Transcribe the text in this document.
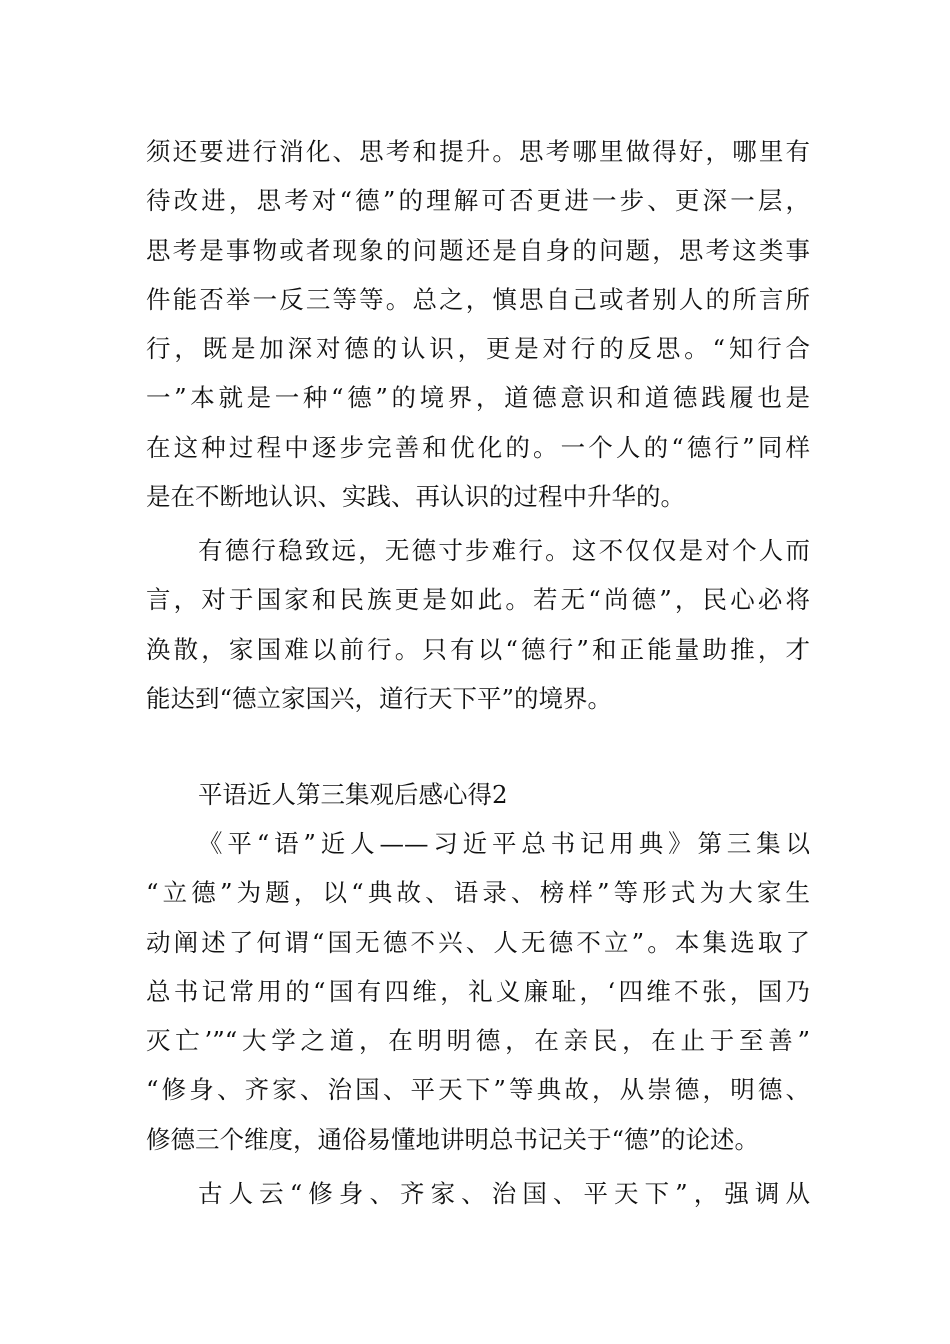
须还要进行消化、思考和提升。思考哪里做得好，哪里有
待改进，思考对“德”的理解可否更进一步、更深一层，
思考是事物或者现象的问题还是自身的问题，思考这类事
件能否举一反三等等。总之，慎思自己或者别人的所言所
行，既是加深对德的认识，更是对行的反思。“知行合
一”本就是一种“德”的境界，道德意识和道德践履也是
在这种过程中逐步完善和优化的。一个人的“德行”同样
是在不断地认识、实践、再认识的过程中升华的。
有德行稳致远，无德寸步难行。这不仅仅是对个人而
言，对于国家和民族更是如此。若无“尚德”，民心必将
涣散，家国难以前行。只有以“德行”和正能量助推，才
能达到“德立家国兴，道行天下平”的境界。
平语近人第三集观后感心得2
《平“语”近人——习近平总书记用典》第三集以
“立德”为题，以“典故、语录、榜样”等形式为大家生
动阐述了何谓“国无德不兴、人无德不立”。本集选取了
总书记常用的“国有四维，礼义廉耻，‘四维不张，国乃
灭亡’”“大学之道，在明明德，在亲民，在止于至善”
“修身、齐家、治国、平天下”等典故，从崇德，明德、
修德三个维度，通俗易懂地讲明总书记关于“德”的论述。
古人云“修身、齐家、治国、平天下”，强调从
